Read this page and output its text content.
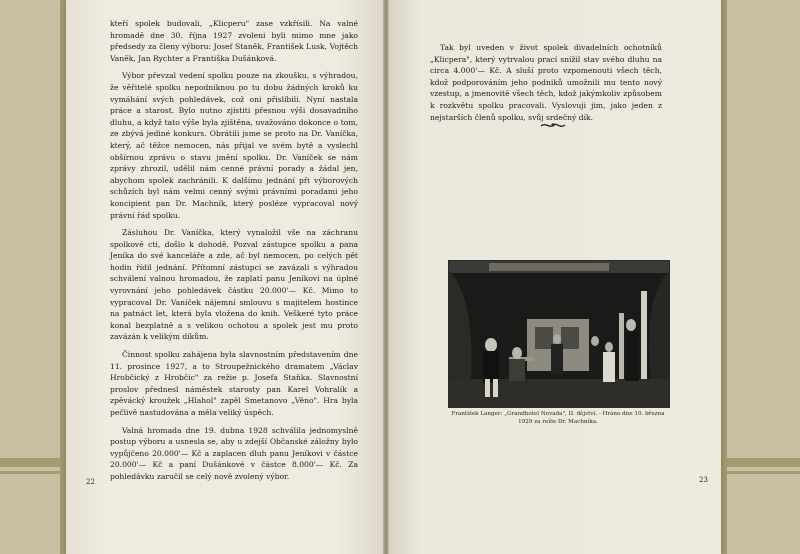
kteří spolek budovali, „Klicperu" zase vzkřísili. Na valné hromadě dne 30. října 1927 zvoleni byli mimo mne jako předsedy za členy výboru: Josef Staněk, František Lusk, Vojtěch Vaněk, Jan Rychter a Františka Dušánková.

Výbor převzal vedení spolku pouze na zkoušku, s výhradou, že věřitelé spolku nepodniknou po tu dobu žádných kroků ku vymáhání svých pohledávek, což oni přislíbili. Nyní nastala práce a starost. Bylo nutno zjistiti přesnou výši dosavadního dluhu, a když tato výše byla zjištěna, uvažováno dokonce o tom, ze zbývá jediné konkurs. Obrátili jsme se proto na Dr. Vaníčka, který, ač těžce nemocen, nás přijal ve svém bytě a vyslechl obšírnou zprávu o stavu jmění spolku. Dr. Vaníček se nám zprávy zhrozil, udělil nám cenné právní porady a žádal jen, abychom spolek zachránili. K dalšímu jednání při výborových schůzích byl nám velmi cenný svými právními poradami jeho koncipient pan Dr. Machník, který posléze vypracoval nový právní řád spolku.

Zásluhou Dr. Vaníčka, který vynaložil vše na záchranu spolkové cti, došlo k dohodě. Pozval zástupce spolku a pana Jeníka do své kanceláře a zde, ač byl nemocen, po celých pět hodin řídil jednání. Přítomní zástupci se zavázali s výhradou schválení valnou hromadou, že zaplatí panu Jeníkovi na úplné vyrovnání jeho pohledávek částku 20.000'— Kč. Mimo to vypracoval Dr. Vaníček nájemní smlouvu s majitelem hostince na patnáct let, která byla vložena do knih. Veškeré tyto práce konal bezplatně a s velikou ochotou a spolek jest mu proto zavázán k velikým díkům.

Činnost spolku zahájena byla slavnostním představením dne 11. prosince 1927, a to Stroupežnického dramatem „Václav Hrobčický z Hrobčic" za režie p. Josefa Staňka. Slavnostní proslov přednesl náměstek starosty pan Karel Vohralík a zpěvácký kroužek „Hlahol" zapěl Smetanovo „Věno". Hra byla pečlivě nastudována a měla veliký úspěch.

Valná hromada dne 19. dubna 1928 schválila jednomyslně postup výboru a usnesla se, aby u zdejší Občanské záložny bylo vypůjčeno 20.000'— Kč a zaplacen dluh panu Jeníkovi v částce 20.000'— Kč a paní Dušánkové v částce 8.000'— Kč. Za pohledávku zaručil se celý nově zvolený výbor.

22

Tak byl uveden v život spolek divadelních ochotníků „Klicpera", který vytrvalou prací snížil stav svého dluhu na circa 4.000'— Kč. A sluší proto vzpomenouti všech těch, kdož podporováním jeho podniků umožnili mu tento nový vzestup, a jmenovitě všech těch, kdož jakýmkoliv způsobem k rozkvětu spolku pracovali. Vyslovuji jim, jako jeden z nejstarších členů spolku, svůj srdečný dík.

František Langer: „Grandhotel Nevada", II. dějství. - Hráno dne 10. března 1929 za režie Dr. Machníka.
23
